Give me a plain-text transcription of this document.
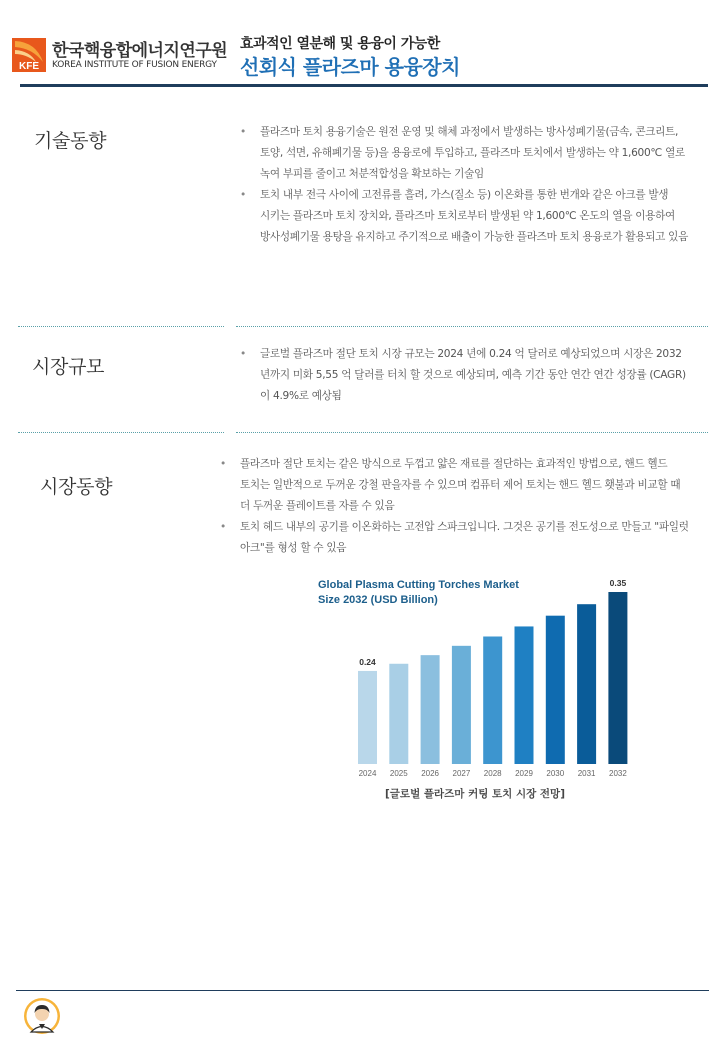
KFE
한국핵융합에너지연구원
KOREA INSTITUTE OF FUSION ENERGY
효과적인 열분해 및 용융이 가능한
선회식 플라즈마 용융장치
기술동향	• 플라즈마 토치 용융기술은 원전 운영 및 해체 과정에서 발생하는 방사성폐기물(금속, 콘크리트,토양, 석면, 유해폐기물 등)을 용융로에 투입하고, 플라즈마 토치에서 발생하는 약 1,600℃ 열로 녹여 부피를 줄이고 처분적합성을 확보하는 기술임
• 토치 내부 전극 사이에 고전류를 흘려, 가스(질소 등) 이온화를 통한 번개와 같은 아크를 발생 시키는 플라즈마 토치 장치와, 플라즈마 토치로부터 발생된 약 1,600℃ 온도의 열을 이용하여 방사성폐기물 용탕을 유지하고 주기적으로 배출이 가능한 플라즈마 토치 용융로가 활용되고 있음
시장규모
• 글로벌 플라즈마 절단 토치 시장 규모는 2024 년에 0.24 억 달러로 예상되었으며 시장은 2032 년까지 미화 5,55 억 달러를 터치 할 것으로 예상되며, 예측 기간 동안 연간 연간 성장률 (CAGR)이 4.9%로 예상됨
시장동향
• 플라즈마 절단 토치는 같은 방식으로 두껍고 얇은 재료를 절단하는 효과적인 방법으로, 핸드 헬드 토치는 일반적으로 두꺼운 강철 판을자를 수 있으며 컴퓨터 제어 토치는 핸드 헬드 횃불과 비교할 때 더 두꺼운 플레이트를 자를 수 있음
• 토치 헤드 내부의 공기를 이온화하는 고전압 스파크입니다. 그것은 공기를 전도성으로 만들고 "파일럿 아크"를 형성 할 수 있음
Global Plasma Cutting Torches Market
Size 2032 (USD Billion)
2024 2025 2026 2027 2028 2029 2030 2031 2032
0.24
0.35
[글로벌 플라즈마 커팅 토치 시장 전망]
